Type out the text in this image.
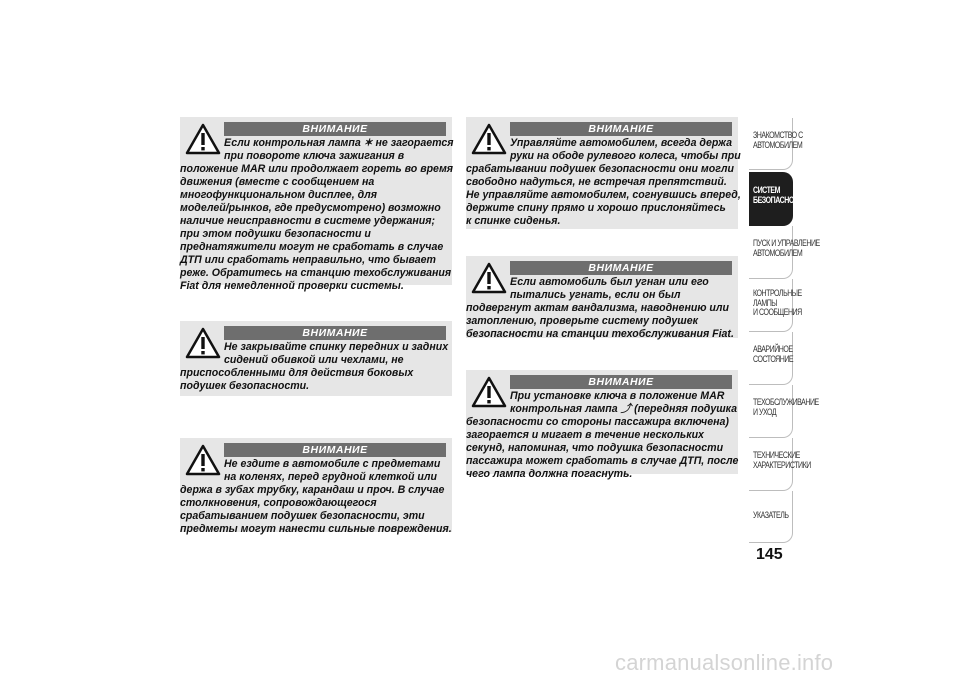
ВНИМАНИЕ
Если контрольная лампа ✶ не загорается
при повороте ключа зажигания в
положение MAR или продолжает гореть во время
движения (вместе с сообщением на
многофункциональном дисплее, для
моделей/рынков, где предусмотрено) возможно
наличие неисправности в системе удержания;
при этом подушки безопасности и
преднатяжители могут не сработать в случае
ДТП или сработать неправильно, что бывает
реже. Обратитесь на станцию техобслуживания
Fiat для немедленной проверки системы.
ВНИМАНИЕ
Не закрывайте спинку передних и задних
сидений обивкой или чехлами, не
приспособленными для действия боковых
подушек безопасности.
ВНИМАНИЕ
Не ездите в автомобиле с предметами
на коленях, перед грудной клеткой или
держа в зубах трубку, карандаш и проч. В случае
столкновения, сопровождающегося
срабатыванием подушек безопасности, эти
предметы могут нанести сильные повреждения.
ВНИМАНИЕ
Управляйте автомобилем, всегда держа
руки на ободе рулевого колеса, чтобы при
срабатывании подушек безопасности они могли
свободно надуться, не встречая препятствий.
Не управляйте автомобилем, согнувшись вперед,
держите спину прямо и хорошо прислоняйтесь
к спинке сиденья.
ВНИМАНИЕ
Если автомобиль был угнан или его
пытались угнать, если он был
подвергнут актам вандализма, наводнению или
затоплению, проверьте систему подушек
безопасности на станции техобслуживания Fiat.
ВНИМАНИЕ
При установке ключа в положение MAR
контрольная лампа ⤴ (передняя подушка
безопасности со стороны пассажира включена)
загорается и мигает в течение нескольких
секунд, напоминая, что подушка безопасности
пассажира может сработать в случае ДТП, после
чего лампа должна погаснуть.
ЗНАКОМСТВО С
АВТОМОБИЛЕМ
СИСТЕМ
БЕЗОПАСНОСТИ
ПУСК И УПРАВЛЕНИЕ
АВТОМОБИЛЕМ
КОНТРОЛЬНЫЕ
ЛАМПЫ
И СООБЩЕНИЯ
АВАРИЙНОЕ
СОСТОЯНИЕ
ТЕХОБСЛУЖИВАНИЕ
И УХОД
ТЕХНИЧЕСКИЕ
ХАРАКТЕРИСТИКИ
УКАЗАТЕЛЬ
145
carmanualsonline.info
